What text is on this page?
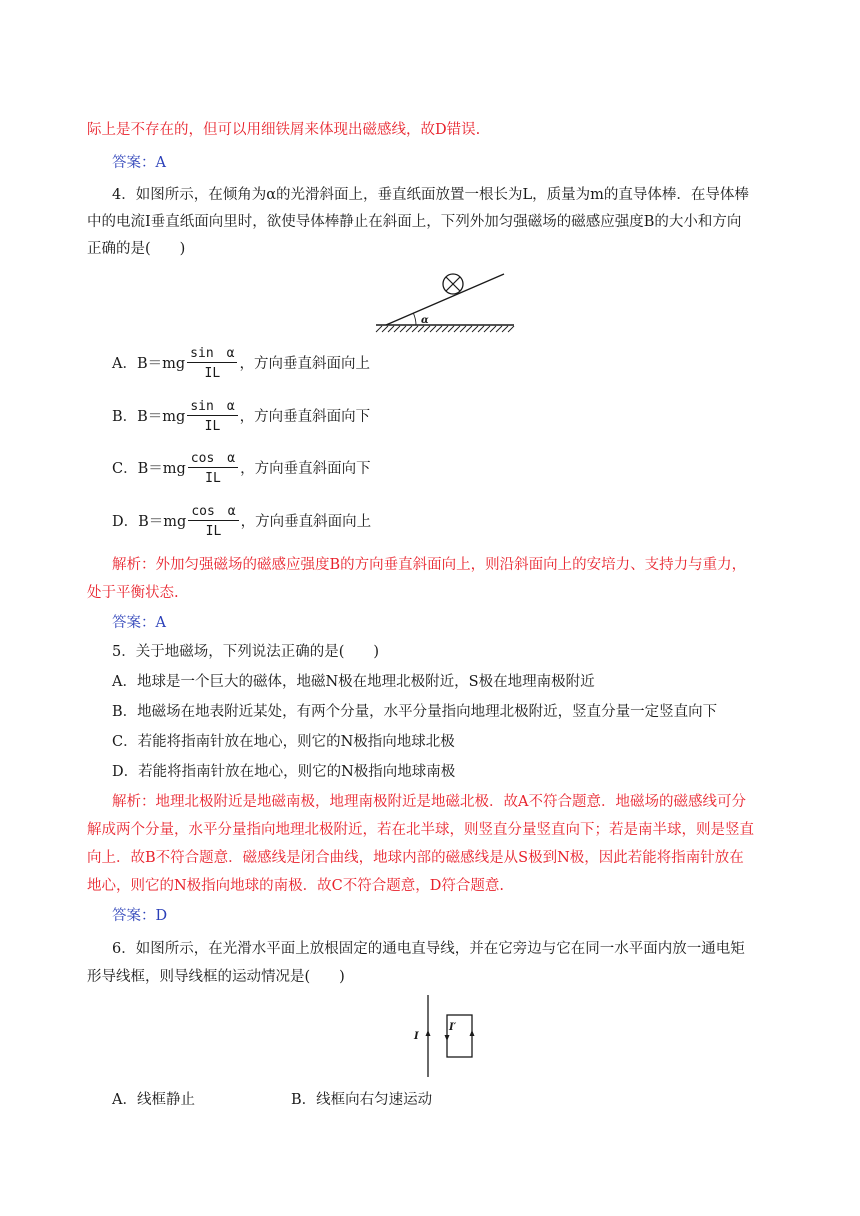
际上是不存在的，但可以用细铁屑来体现出磁感线，故D错误.
答案：A
4．如图所示，在倾角为α的光滑斜面上，垂直纸面放置一根长为L，质量为m的直导体棒．在导体棒
中的电流I垂直纸面向里时，欲使导体棒静止在斜面上，下列外加匀强磁场的磁感应强度B的大小和方向
正确的是(　　)
α
A．$B=mg \frac{\text{sin　α}}{IL}$ ，方向垂直斜面向上
B．$B=mg \frac{\text{sin　α}}{IL}$ ，方向垂直斜面向下
C．$B=mg \frac{\text{cos　α}}{IL}$ ，方向垂直斜面向下
D．$B=mg \frac{\text{cos　α}}{IL}$ ，方向垂直斜面向上
解析：外加匀强磁场的磁感应强度B的方向垂直斜面向上，则沿斜面向上的安培力、支持力与重力，
处于平衡状态.
答案：A
5．关于地磁场，下列说法正确的是(　　)
A．地球是一个巨大的磁体，地磁N极在地理北极附近，S极在地理南极附近
B．地磁场在地表附近某处，有两个分量，水平分量指向地理北极附近，竖直分量一定竖直向下
C．若能将指南针放在地心，则它的N极指向地球北极
D．若能将指南针放在地心，则它的N极指向地球南极
解析：地理北极附近是地磁南极，地理南极附近是地磁北极．故A不符合题意．地磁场的磁感线可分
解成两个分量，水平分量指向地理北极附近，若在北半球，则竖直分量竖直向下；若是南半球，则是竖直
向上．故B不符合题意．磁感线是闭合曲线，地球内部的磁感线是从S极到N极，因此若能将指南针放在
地心，则它的N极指向地球的南极．故C不符合题意，D符合题意.
答案：D
6．如图所示，在光滑水平面上放根固定的通电直导线，并在它旁边与它在同一水平面内放一通电矩
形导线框，则导线框的运动情况是(　　)
I
I′
A．线框静止	B．线框向右匀速运动
